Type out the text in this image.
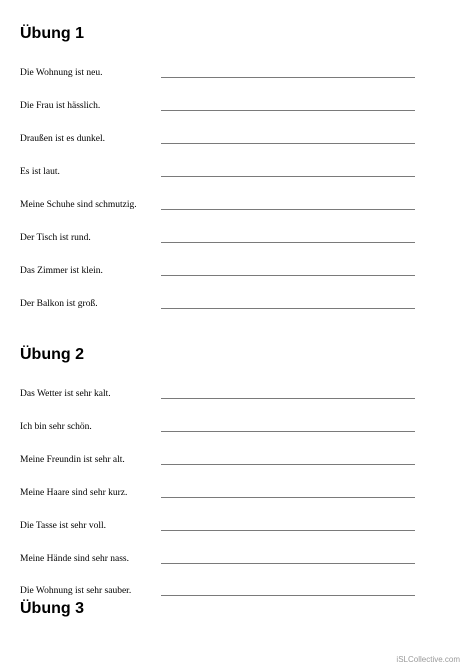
Übung 1
Die Wohnung ist neu.
Die Frau ist hässlich.
Draußen ist es dunkel.
Es ist laut.
Meine Schuhe sind schmutzig.
Der Tisch ist rund.
Das Zimmer ist klein.
Der Balkon ist groß.
Übung 2
Das Wetter ist sehr kalt.
Ich bin sehr schön.
Meine Freundin ist sehr alt.
Meine Haare sind sehr kurz.
Die Tasse ist sehr voll.
Meine Hände sind sehr nass.
Die Wohnung ist sehr sauber.
Übung 3
iSLCollective.com
